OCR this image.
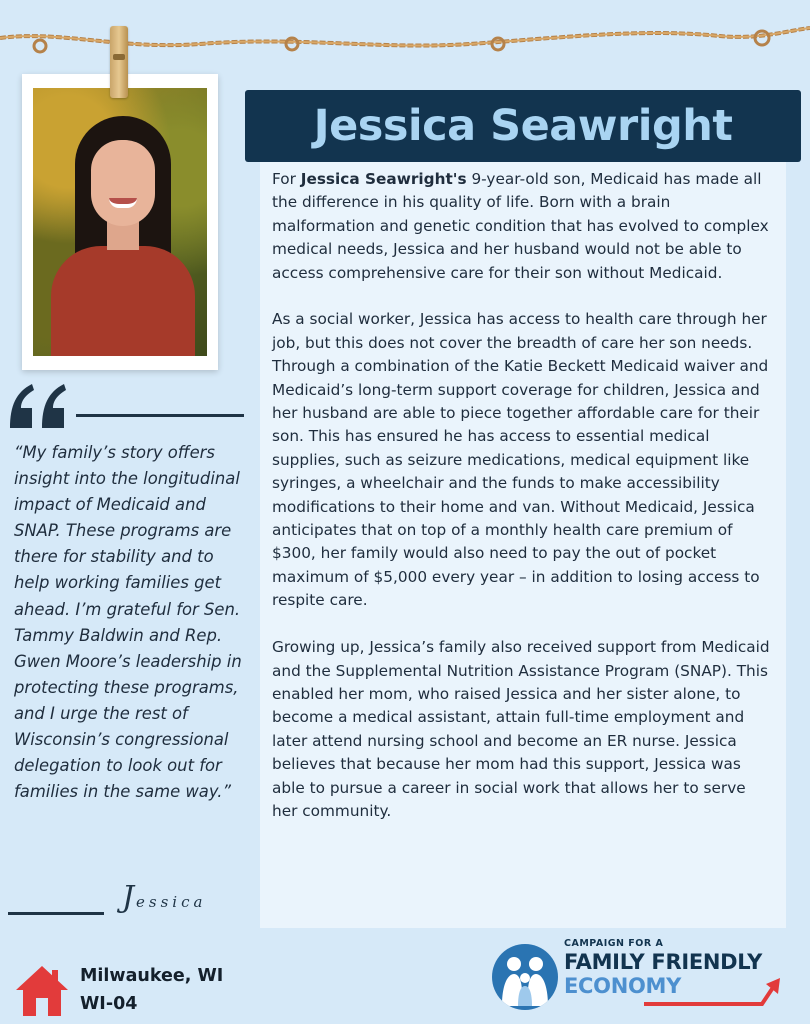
“My family’s story offers insight into the longitudinal impact of Medicaid and SNAP. These programs are there for stability and to help working families get ahead. I’m grateful for Sen. Tammy Baldwin and Rep. Gwen Moore’s leadership in protecting these programs, and I urge the rest of Wisconsin’s congressional delegation to look out for families in the same way.”
Jessica
Milwaukee, WI
WI-04
Jessica Seawright

For Jessica Seawright's 9-year-old son, Medicaid has made all the difference in his quality of life. Born with a brain malformation and genetic condition that has evolved to complex medical needs, Jessica and her husband would not be able to access comprehensive care for their son without Medicaid.

As a social worker, Jessica has access to health care through her job, but this does not cover the breadth of care her son needs. Through a combination of the Katie Beckett Medicaid waiver and Medicaid’s long-term support coverage for children, Jessica and her husband are able to piece together affordable care for their son. This has ensured he has access to essential medical supplies, such as seizure medications, medical equipment like syringes, a wheelchair and the funds to make accessibility modifications to their home and van. Without Medicaid, Jessica anticipates that on top of a monthly health care premium of $300, her family would also need to pay the out of pocket maximum of $5,000 every year – in addition to losing access to respite care.

Growing up, Jessica’s family also received support from Medicaid and the Supplemental Nutrition Assistance Program (SNAP). This enabled her mom, who raised Jessica and her sister alone, to become a medical assistant, attain full-time employment and later attend nursing school and become an ER nurse. Jessica believes that because her mom had this support, Jessica was able to pursue a career in social work that allows her to serve her community.

CAMPAIGN FOR A
FAMILY FRIENDLY
ECONOMY
